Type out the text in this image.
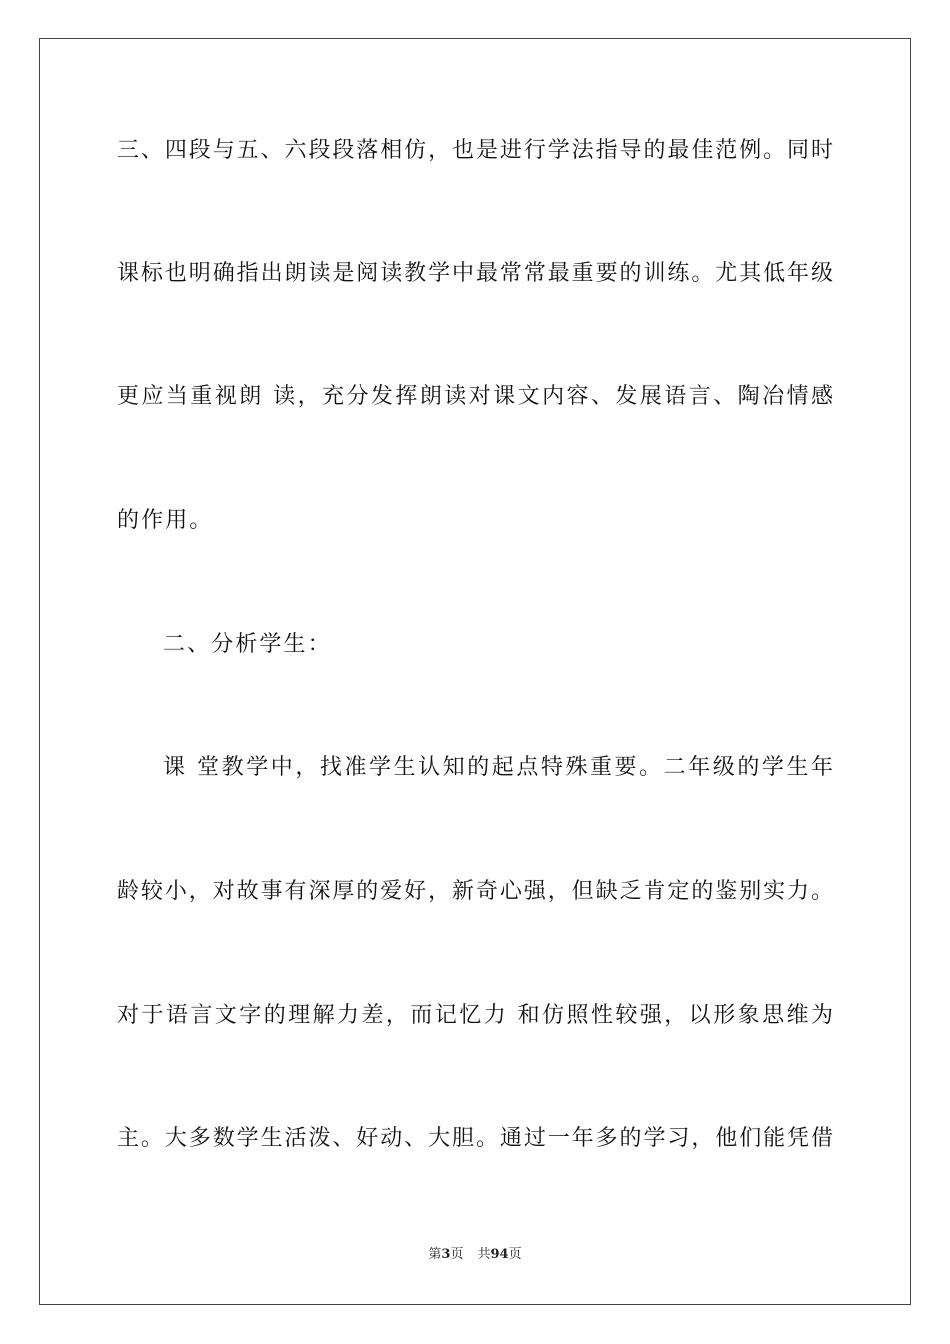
三、四段与五、六段段落相仿，也是进行学法指导的最佳范例。同时
课标也明确指出朗读是阅读教学中最常常最重要的训练。尤其低年级
更应当重视朗 读，充分发挥朗读对课文内容、发展语言、陶冶情感
的作用。
二、分析学生：
课 堂教学中，找准学生认知的起点特殊重要。二年级的学生年
龄较小，对故事有深厚的爱好，新奇心强，但缺乏肯定的鉴别实力。
对于语言文字的理解力差，而记忆力 和仿照性较强，以形象思维为
主。大多数学生活泼、好动、大胆。通过一年多的学习，他们能凭借
第3页 共94页
